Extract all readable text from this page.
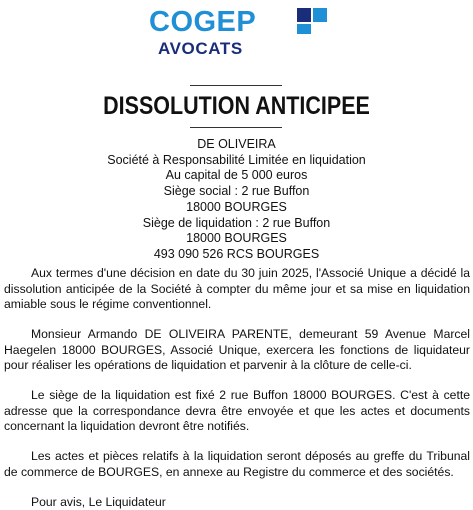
COGEP
AVOCATS
DISSOLUTION ANTICIPEE
DE OLIVEIRA
Société à Responsabilité Limitée en liquidation
Au capital de 5 000 euros
Siège social : 2 rue Buffon
18000 BOURGES
Siège de liquidation : 2 rue Buffon
18000 BOURGES
493 090 526 RCS BOURGES

Aux termes d'une décision en date du 30 juin 2025, l'Associé Unique a décidé la dissolution anticipée de la Société à compter du même jour et sa mise en liquidation amiable sous le régime conventionnel.

Monsieur Armando DE OLIVEIRA PARENTE, demeurant 59 Avenue Marcel Haegelen 18000 BOURGES, Associé Unique, exercera les fonctions de liquidateur pour réaliser les opérations de liquidation et parvenir à la clôture de celle-ci.

Le siège de la liquidation est fixé 2 rue Buffon 18000 BOURGES. C'est à cette adresse que la correspondance devra être envoyée et que les actes et documents concernant la liquidation devront être notifiés.

Les actes et pièces relatifs à la liquidation seront déposés au greffe du Tribunal de commerce de BOURGES, en annexe au Registre du commerce et des sociétés.

Pour avis, Le Liquidateur
